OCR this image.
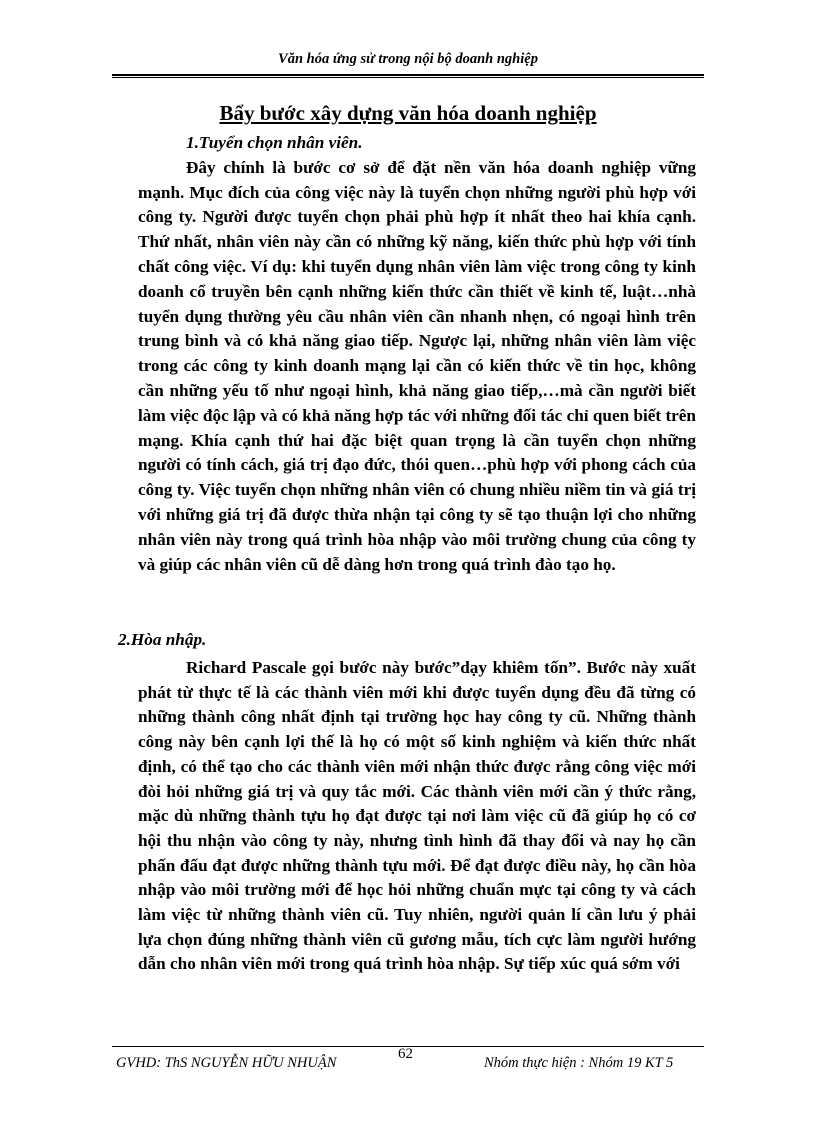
Văn hóa ứng sử trong nội bộ doanh nghiệp
Bẩy bước xây dựng văn hóa doanh nghiệp

1.Tuyển chọn nhân viên.

Đây chính là bước cơ sở để đặt nền văn hóa doanh nghiệp vững mạnh. Mục đích của công việc này là tuyển chọn những người phù hợp với công ty. Người được tuyển chọn phải phù hợp ít nhất theo hai khía cạnh. Thứ nhất, nhân viên này cần có những kỹ năng, kiến thức phù hợp với tính chất công việc. Ví dụ: khi tuyển dụng nhân viên làm việc trong công ty kinh doanh cổ truyền bên cạnh những kiến thức cần thiết về kinh tế, luật…nhà tuyển dụng thường yêu cầu nhân viên cần nhanh nhẹn, có ngoại hình trên trung bình và có khả năng giao tiếp. Ngược lại, những nhân viên làm việc trong các công ty kinh doanh mạng lại cần có kiến thức về tin học, không cần những yếu tố như ngoại hình, khả năng giao tiếp,…mà cần người biết làm việc độc lập và có khả năng hợp tác với những đối tác chỉ quen biết trên mạng. Khía cạnh thứ hai đặc biệt quan trọng là cần tuyển chọn những người có tính cách, giá trị đạo đức, thói quen…phù hợp với phong cách của công ty. Việc tuyển chọn những nhân viên có chung nhiều niềm tin và giá trị với những giá trị đã được thừa nhận tại công ty sẽ tạo thuận lợi cho những nhân viên này trong quá trình hòa nhập vào môi trường chung của công ty và giúp các nhân viên cũ dễ dàng hơn trong quá trình đào tạo họ.

2.Hòa nhập.

Richard Pascale gọi bước này bước”dạy khiêm tốn”. Bước này xuất phát từ thực tế là các thành viên mới khi được tuyển dụng đều đã từng có những thành công nhất định tại trường học hay công ty cũ. Những thành công này bên cạnh lợi thế là họ có một số kinh nghiệm và kiến thức nhất định, có thể tạo cho các thành viên mới nhận thức được rằng công việc mới đòi hỏi những giá trị và quy tắc mới. Các thành viên mới cần ý thức rằng, mặc dù những thành tựu họ đạt được tại nơi làm việc cũ đã giúp họ có cơ hội thu nhận vào công ty này, nhưng tình hình đã thay đổi và nay họ cần phấn đấu đạt được những thành tựu mới. Để đạt được điều này, họ cần hòa nhập vào môi trường mới để học hỏi những chuẩn mực tại công ty và cách làm việc từ những thành viên cũ. Tuy nhiên, người quản lí cần lưu ý phải lựa chọn đúng những thành viên cũ gương mẫu, tích cực làm người hướng dẫn cho nhân viên mới trong quá trình hòa nhập. Sự tiếp xúc quá sớm với

GVHD: ThS NGUYỄN HỮU NHUẬN
62
Nhóm thực hiện : Nhóm 19 KT 5
